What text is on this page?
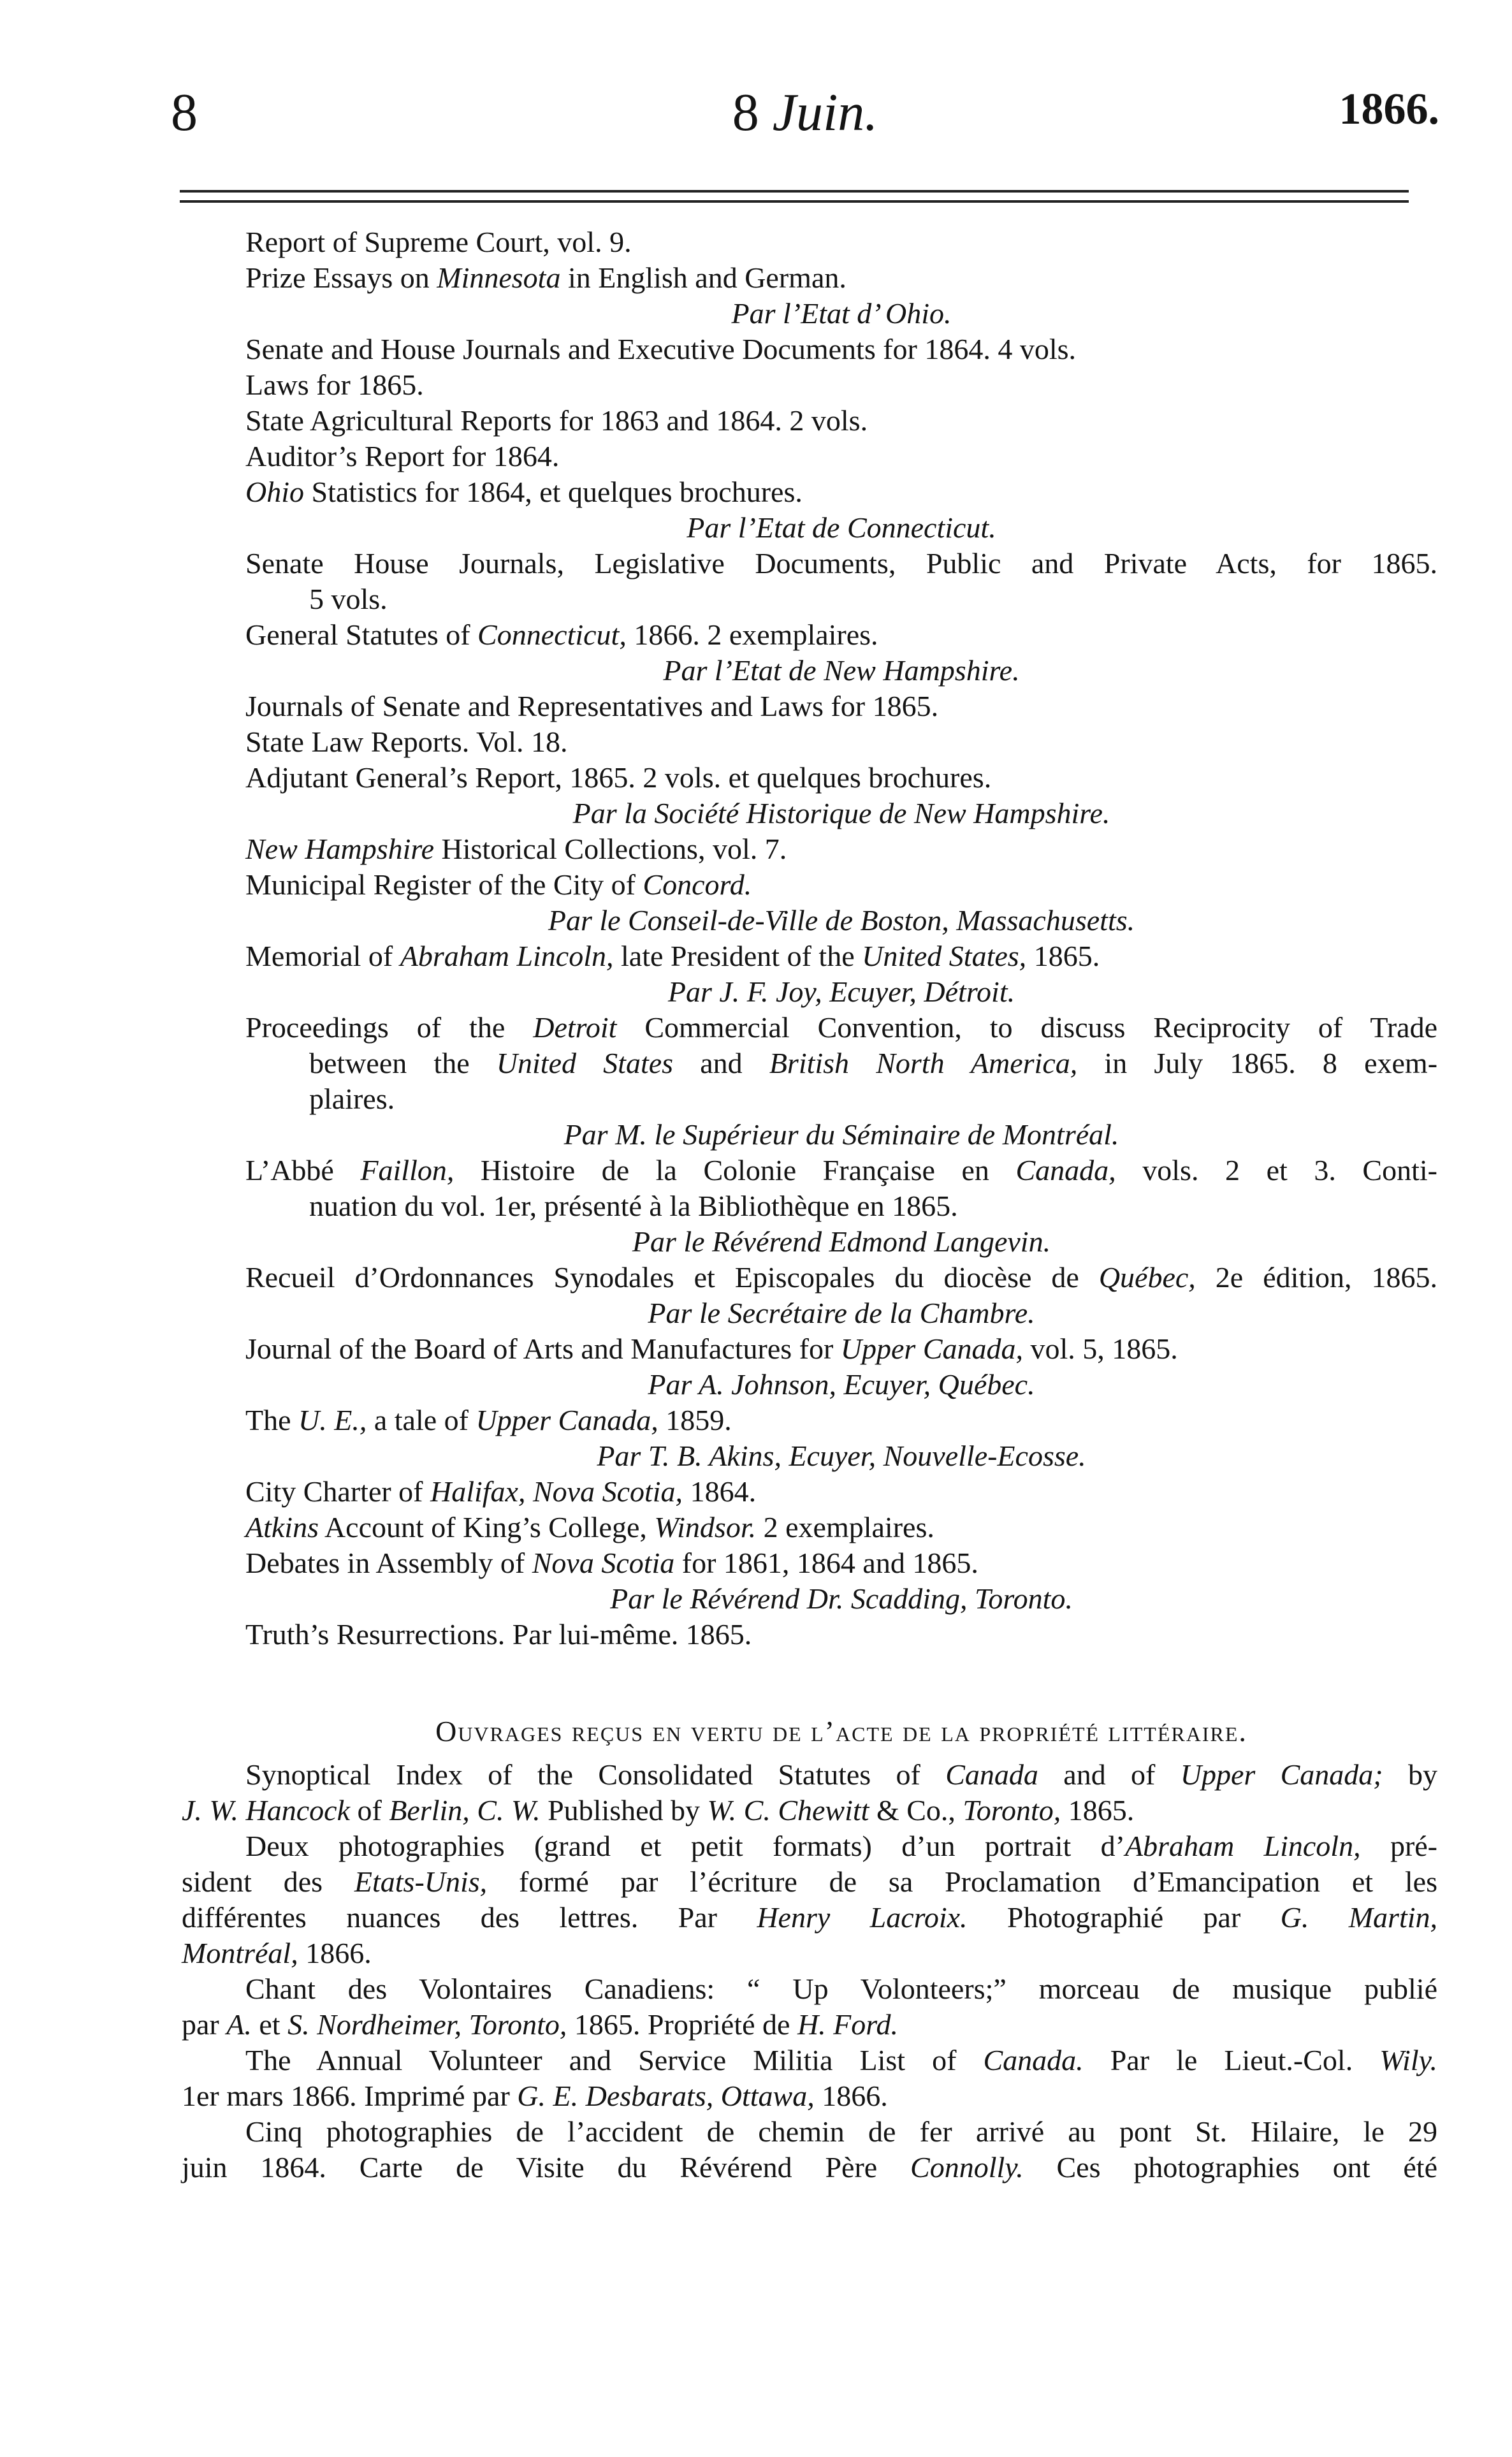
8	8 Juin.	1866.
Report of Supreme Court, vol. 9.
Prize Essays on Minnesota in English and German.
Par l’Etat d’ Ohio.
Senate and House Journals and Executive Documents for 1864. 4 vols.
Laws for 1865.
State Agricultural Reports for 1863 and 1864. 2 vols.
Auditor’s Report for 1864.
Ohio Statistics for 1864, et quelques brochures.
Par l’Etat de Connecticut.
Senate House Journals, Legislative Documents, Public and Private Acts, for 1865.
5 vols.
General Statutes of Connecticut, 1866. 2 exemplaires.
Par l’Etat de New Hampshire.
Journals of Senate and Representatives and Laws for 1865.
State Law Reports. Vol. 18.
Adjutant General’s Report, 1865. 2 vols. et quelques brochures.
Par la Société Historique de New Hampshire.
New Hampshire Historical Collections, vol. 7.
Municipal Register of the City of Concord.
Par le Conseil-de-Ville de Boston, Massachusetts.
Memorial of Abraham Lincoln, late President of the United States, 1865.
Par J. F. Joy, Ecuyer, Détroit.
Proceedings of the Detroit Commercial Convention, to discuss Reciprocity of Trade
between the United States and British North America, in July 1865. 8 exem-
plaires.
Par M. le Supérieur du Séminaire de Montréal.
L’Abbé Faillon, Histoire de la Colonie Française en Canada, vols. 2 et 3. Conti-
nuation du vol. 1er, présenté à la Bibliothèque en 1865.
Par le Révérend Edmond Langevin.
Recueil d’Ordonnances Synodales et Episcopales du diocèse de Québec, 2e édition, 1865.
Par le Secrétaire de la Chambre.
Journal of the Board of Arts and Manufactures for Upper Canada, vol. 5, 1865.
Par A. Johnson, Ecuyer, Québec.
The U. E., a tale of Upper Canada, 1859.
Par T. B. Akins, Ecuyer, Nouvelle-Ecosse.
City Charter of Halifax, Nova Scotia, 1864.
Atkins Account of King’s College, Windsor. 2 exemplaires.
Debates in Assembly of Nova Scotia for 1861, 1864 and 1865.
Par le Révérend Dr. Scadding, Toronto.
Truth’s Resurrections. Par lui-même. 1865.
Ouvrages reçus en vertu de l’acte de la propriété littéraire.
Synoptical Index of the Consolidated Statutes of Canada and of Upper Canada; by
J. W. Hancock of Berlin, C. W. Published by W. C. Chewitt & Co., Toronto, 1865.
Deux photographies (grand et petit formats) d’un portrait d’Abraham Lincoln, pré-
sident des Etats-Unis, formé par l’écriture de sa Proclamation d’Emancipation et les
différentes nuances des lettres. Par Henry Lacroix. Photographié par G. Martin,
Montréal, 1866.
Chant des Volontaires Canadiens: “ Up Volonteers;” morceau de musique publié
par A. et S. Nordheimer, Toronto, 1865. Propriété de H. Ford.
The Annual Volunteer and Service Militia List of Canada. Par le Lieut.-Col. Wily.
1er mars 1866. Imprimé par G. E. Desbarats, Ottawa, 1866.
Cinq photographies de l’accident de chemin de fer arrivé au pont St. Hilaire, le 29
juin 1864. Carte de Visite du Révérend Père Connolly. Ces photographies ont été
